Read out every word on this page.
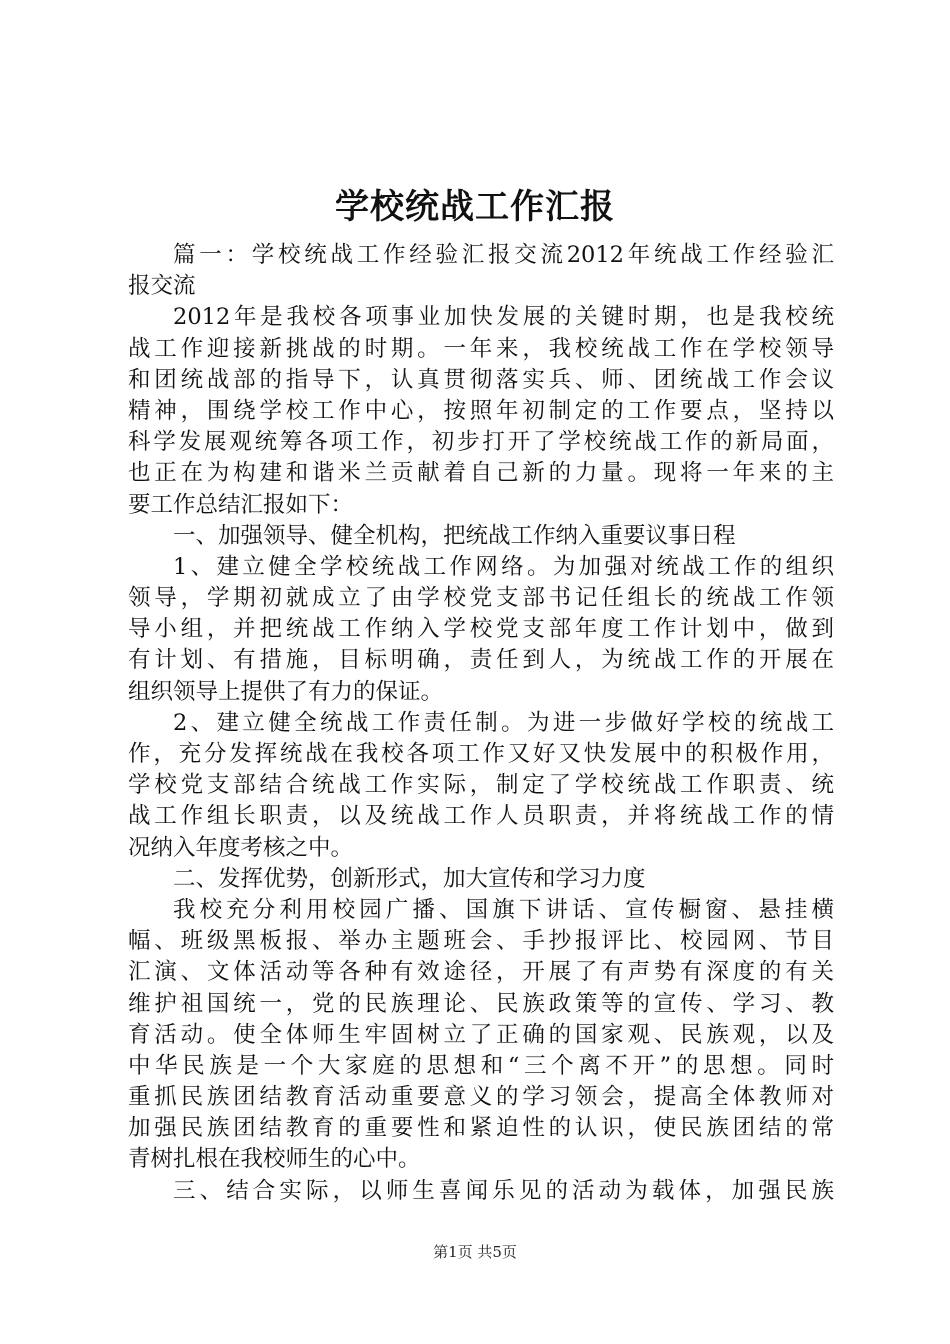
学校统战工作汇报
篇一：学校统战工作经验汇报交流2012年统战工作经验汇
报交流
2012年是我校各项事业加快发展的关键时期，也是我校统
战工作迎接新挑战的时期。一年来，我校统战工作在学校领导
和团统战部的指导下，认真贯彻落实兵、师、团统战工作会议
精神，围绕学校工作中心，按照年初制定的工作要点，坚持以
科学发展观统筹各项工作，初步打开了学校统战工作的新局面，
也正在为构建和谐米兰贡献着自己新的力量。现将一年来的主
要工作总结汇报如下：
一、加强领导、健全机构，把统战工作纳入重要议事日程
1、建立健全学校统战工作网络。为加强对统战工作的组织
领导，学期初就成立了由学校党支部书记任组长的统战工作领
导小组，并把统战工作纳入学校党支部年度工作计划中，做到
有计划、有措施，目标明确，责任到人，为统战工作的开展在
组织领导上提供了有力的保证。
2、建立健全统战工作责任制。为进一步做好学校的统战工
作，充分发挥统战在我校各项工作又好又快发展中的积极作用，
学校党支部结合统战工作实际，制定了学校统战工作职责、统
战工作组长职责，以及统战工作人员职责，并将统战工作的情
况纳入年度考核之中。
二、发挥优势，创新形式，加大宣传和学习力度
我校充分利用校园广播、国旗下讲话、宣传橱窗、悬挂横
幅、班级黑板报、举办主题班会、手抄报评比、校园网、节目
汇演、文体活动等各种有效途径，开展了有声势有深度的有关
维护祖国统一，党的民族理论、民族政策等的宣传、学习、教
育活动。使全体师生牢固树立了正确的国家观、民族观，以及
中华民族是一个大家庭的思想和“三个离不开”的思想。同时
重抓民族团结教育活动重要意义的学习领会，提高全体教师对
加强民族团结教育的重要性和紧迫性的认识，使民族团结的常
青树扎根在我校师生的心中。
三、结合实际，以师生喜闻乐见的活动为载体，加强民族
第1页 共5页
